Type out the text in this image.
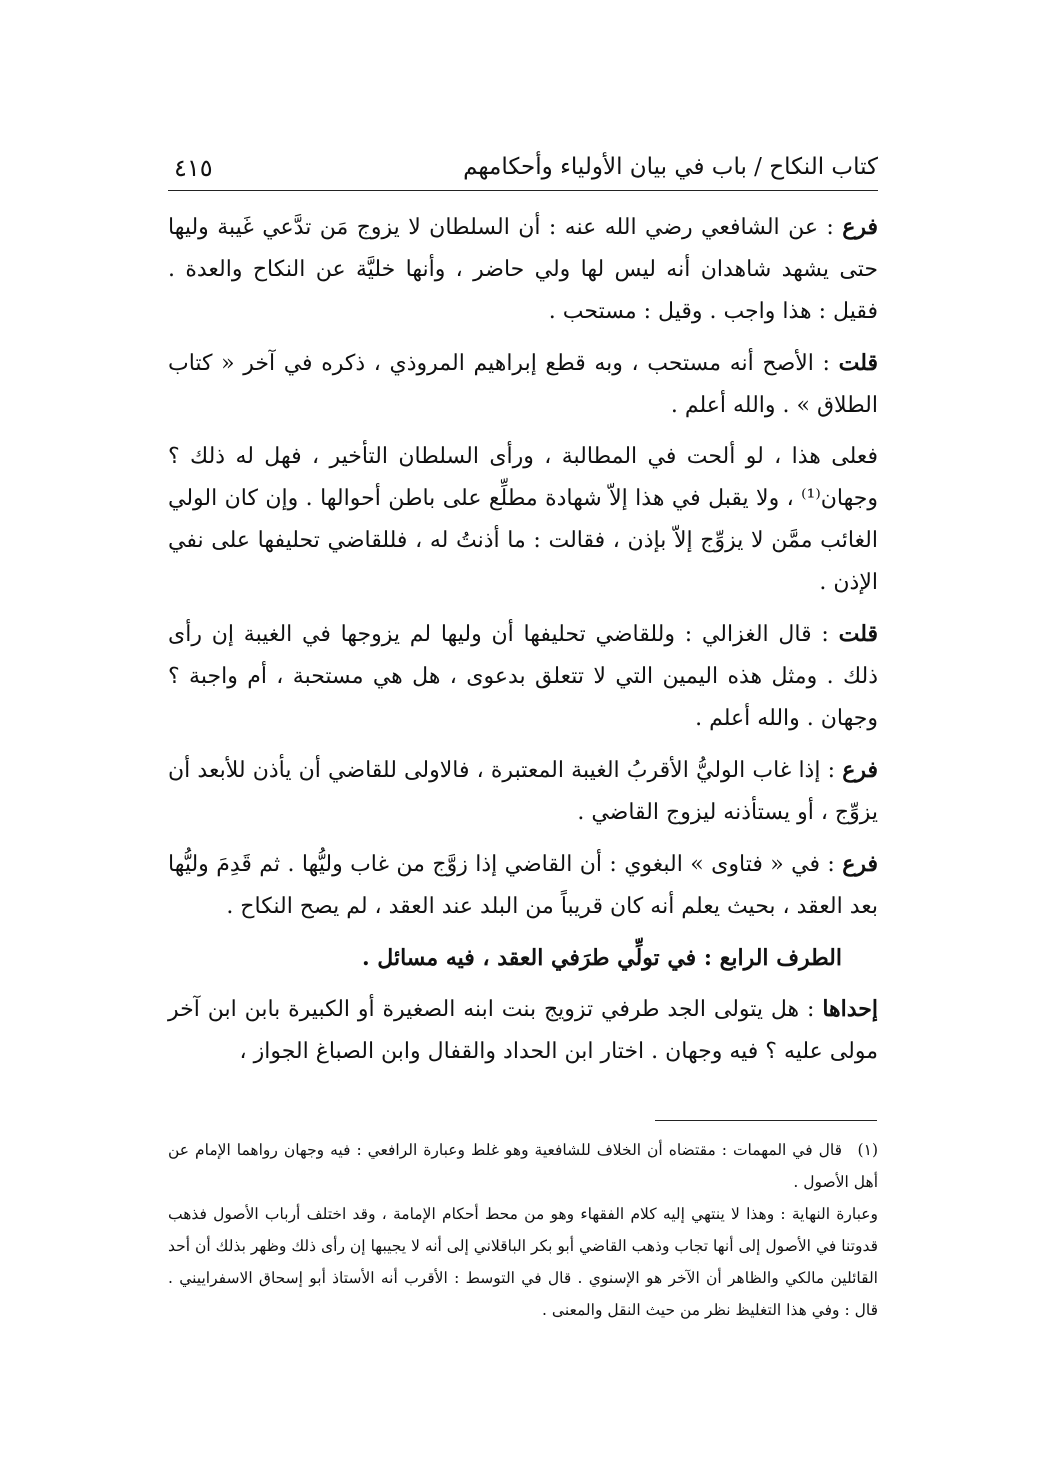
كتاب النكاح / باب في بيان الأولياء وأحكامهم
٤١٥

فرع : عن الشافعي رضي الله عنه : أن السلطان لا يزوج مَن تدَّعي غَيبة وليها حتى يشهد شاهدان أنه ليس لها ولي حاضر ، وأنها خليَّة عن النكاح والعدة . فقيل : هذا واجب . وقيل : مستحب .

قلت : الأصح أنه مستحب ، وبه قطع إبراهيم المروذي ، ذكره في آخر « كتاب الطلاق » . والله أعلم .

فعلى هذا ، لو ألحت في المطالبة ، ورأى السلطان التأخير ، فهل له ذلك ؟ وجهان⁽¹⁾ ، ولا يقبل في هذا إلاّ شهادة مطلِّع على باطن أحوالها . وإن كان الولي الغائب ممَّن لا يزوِّج إلاّ بإذن ، فقالت : ما أذنتُ له ، فللقاضي تحليفها على نفي الإذن .

قلت : قال الغزالي : وللقاضي تحليفها أن وليها لم يزوجها في الغيبة إن رأى ذلك . ومثل هذه اليمين التي لا تتعلق بدعوى ، هل هي مستحبة ، أم واجبة ؟ وجهان . والله أعلم .

فرع : إذا غاب الوليُّ الأقربُ الغيبة المعتبرة ، فالاولى للقاضي أن يأذن للأبعد أن يزوِّج ، أو يستأذنه ليزوج القاضي .

فرع : في « فتاوى » البغوي : أن القاضي إذا زوَّج من غاب وليُّها . ثم قَدِمَ وليُّها بعد العقد ، بحيث يعلم أنه كان قريباً من البلد عند العقد ، لم يصح النكاح .

الطرف الرابع : في تولِّي طرَفي العقد ، فيه مسائل .

إحداها : هل يتولى الجد طرفي تزويج بنت ابنه الصغيرة أو الكبيرة بابن ابن آخر مولى عليه ؟ فيه وجهان . اختار ابن الحداد والقفال وابن الصباغ الجواز ،

(١)قال في المهمات : مقتضاه أن الخلاف للشافعية وهو غلط وعبارة الرافعي : فيه وجهان رواهما الإمام عن أهل الأصول .

وعبارة النهاية : وهذا لا ينتهي إليه كلام الفقهاء وهو من محط أحكام الإمامة ، وقد اختلف أرباب الأصول فذهب قدوتنا في الأصول إلى أنها تجاب وذهب القاضي أبو بكر الباقلاني إلى أنه لا يجيبها إن رأى ذلك وظهر بذلك أن أحد القائلين مالكي والظاهر أن الآخر هو الإسنوي . قال في التوسط : الأقرب أنه الأستاذ أبو إسحاق الاسفراييني . قال : وفي هذا التغليظ نظر من حيث النقل والمعنى .
